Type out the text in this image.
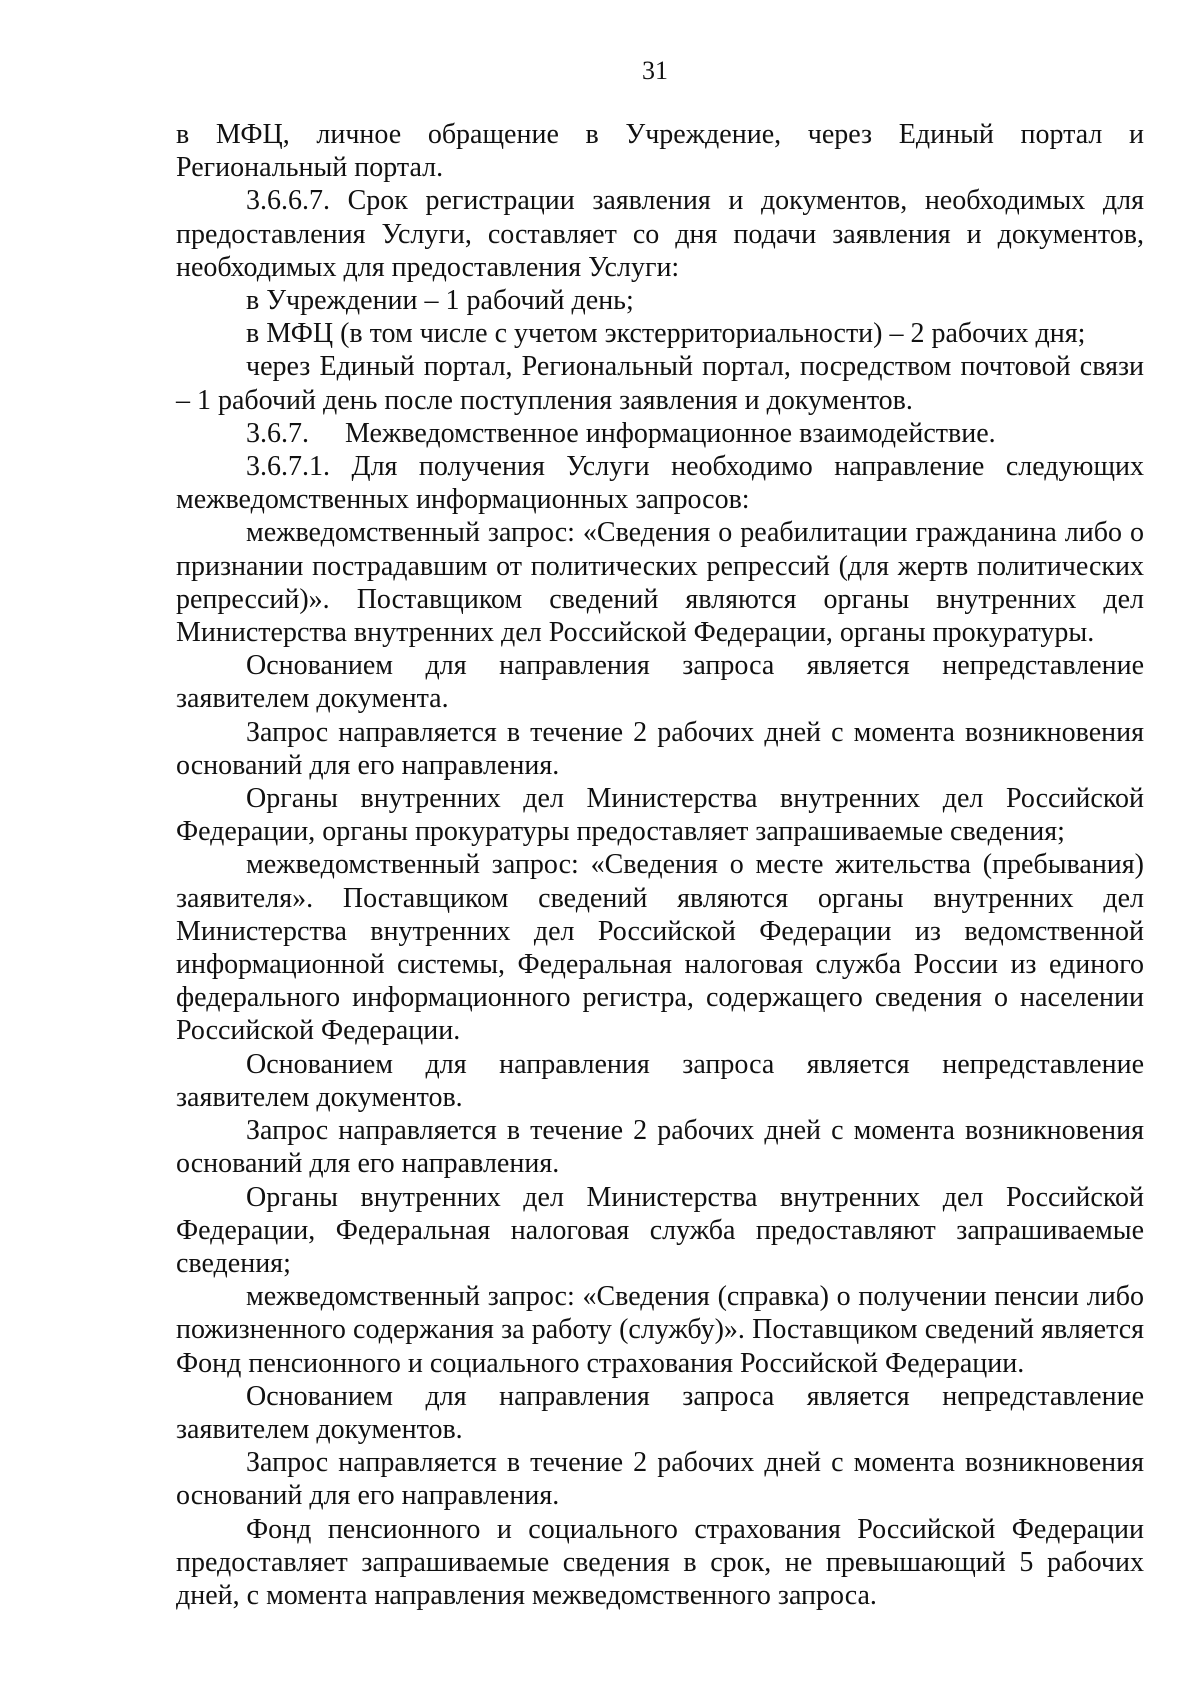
31

в МФЦ, личное обращение в Учреждение, через Единый портал и Региональный портал.

3.6.6.7. Срок регистрации заявления и документов, необходимых для предоставления Услуги, составляет со дня подачи заявления и документов, необходимых для предоставления Услуги:

в Учреждении – 1 рабочий день;

в МФЦ (в том числе с учетом экстерриториальности) – 2 рабочих дня;

через Единый портал, Региональный портал, посредством почтовой связи – 1 рабочий день после поступления заявления и документов.

3.6.7. Межведомственное информационное взаимодействие.

3.6.7.1. Для получения Услуги необходимо направление следующих межведомственных информационных запросов:

межведомственный запрос: «Сведения о реабилитации гражданина либо о признании пострадавшим от политических репрессий (для жертв политических репрессий)». Поставщиком сведений являются органы внутренних дел Министерства внутренних дел Российской Федерации, органы прокуратуры.

Основанием для направления запроса является непредставление заявителем документа.

Запрос направляется в течение 2 рабочих дней с момента возникновения оснований для его направления.

Органы внутренних дел Министерства внутренних дел Российской Федерации, органы прокуратуры предоставляет запрашиваемые сведения;

межведомственный запрос: «Сведения о месте жительства (пребывания) заявителя». Поставщиком сведений являются органы внутренних дел Министерства внутренних дел Российской Федерации из ведомственной информационной системы, Федеральная налоговая служба России из единого федерального информационного регистра, содержащего сведения о населении Российской Федерации.

Основанием для направления запроса является непредставление заявителем документов.

Запрос направляется в течение 2 рабочих дней с момента возникновения оснований для его направления.

Органы внутренних дел Министерства внутренних дел Российской Федерации, Федеральная налоговая служба предоставляют запрашиваемые сведения;

межведомственный запрос: «Сведения (справка) о получении пенсии либо пожизненного содержания за работу (службу)». Поставщиком сведений является Фонд пенсионного и социального страхования Российской Федерации.

Основанием для направления запроса является непредставление заявителем документов.

Запрос направляется в течение 2 рабочих дней с момента возникновения оснований для его направления.

Фонд пенсионного и социального страхования Российской Федерации предоставляет запрашиваемые сведения в срок, не превышающий 5 рабочих дней, с момента направления межведомственного запроса.
